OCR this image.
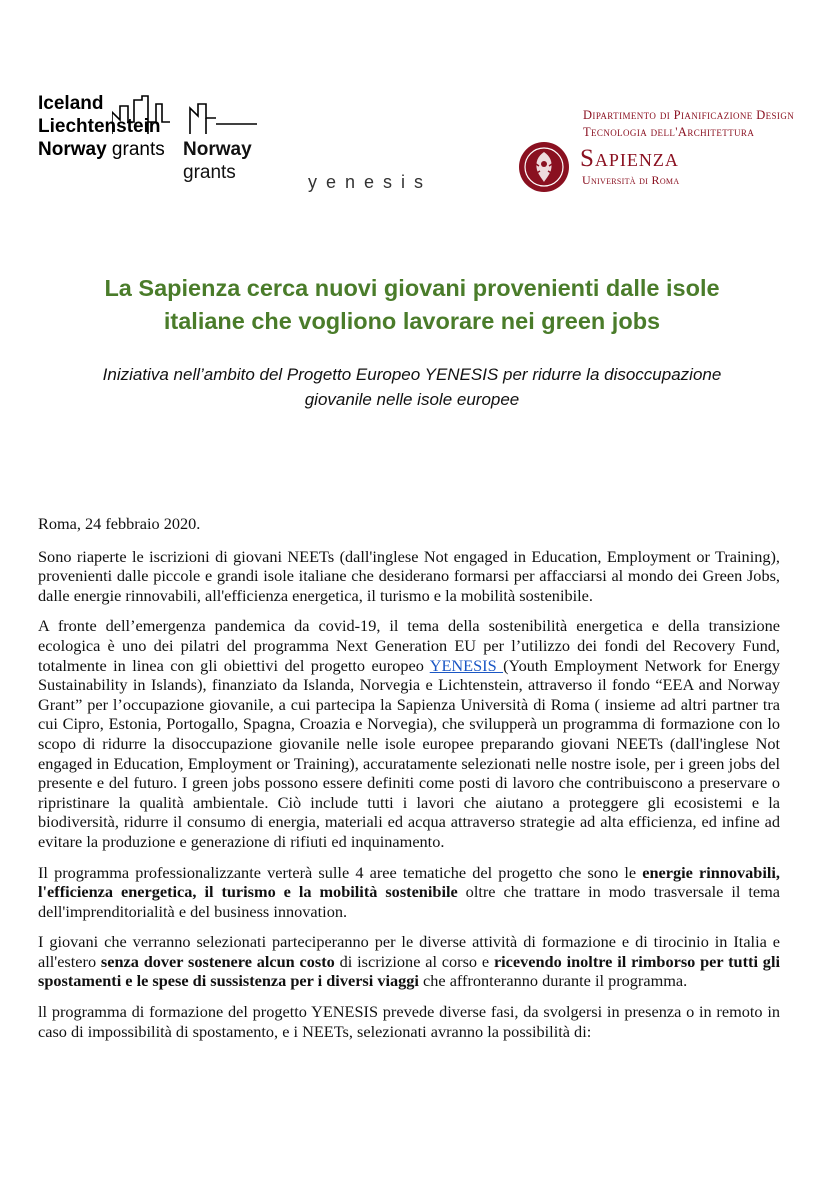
Iceland
Liechtenstein
Norway grants Norway
grants	yenesis
Dipartimento di Pianificazione Design
Tecnologia dell'Architettura
Sapienza
Università di Roma
La Sapienza cerca nuovi giovani provenienti dalle isole
italiane che vogliono lavorare nei green jobs
Iniziativa nell’ambito del Progetto Europeo YENESIS per ridurre la disoccupazione
giovanile nelle isole europee

Roma, 24 febbraio 2020.

Sono riaperte le iscrizioni di giovani NEETs (dall'inglese Not engaged in Education, Employment or Training), provenienti dalle piccole e grandi isole italiane che desiderano formarsi per affacciarsi al mondo dei Green Jobs, dalle energie rinnovabili, all'efficienza energetica, il turismo e la mobilità sostenibile.

A fronte dell’emergenza pandemica da covid-19, il tema della sostenibilità energetica e della transizione ecologica è uno dei pilatri del programma Next Generation EU per l’utilizzo dei fondi del Recovery Fund, totalmente in linea con gli obiettivi del progetto europeo YENESIS (Youth Employment Network for Energy Sustainability in Islands), finanziato da Islanda, Norvegia e Lichtenstein, attraverso il fondo “EEA and Norway Grant” per l’occupazione giovanile, a cui partecipa la Sapienza Università di Roma ( insieme ad altri partner tra cui Cipro, Estonia, Portogallo, Spagna, Croazia e Norvegia), che svilupperà un programma di formazione con lo scopo di ridurre la disoccupazione giovanile nelle isole europee preparando giovani NEETs (dall'inglese Not engaged in Education, Employment or Training), accuratamente selezionati nelle nostre isole, per i green jobs del presente e del futuro. I green jobs possono essere definiti come posti di lavoro che contribuiscono a preservare o ripristinare la qualità ambientale. Ciò include tutti i lavori che aiutano a proteggere gli ecosistemi e la biodiversità, ridurre il consumo di energia, materiali ed acqua attraverso strategie ad alta efficienza, ed infine ad evitare la produzione e generazione di rifiuti ed inquinamento.

Il programma professionalizzante verterà sulle 4 aree tematiche del progetto che sono le energie rinnovabili, l'efficienza energetica, il turismo e la mobilità sostenibile oltre che trattare in modo trasversale il tema dell'imprenditorialità e del business innovation.

I giovani che verranno selezionati parteciperanno per le diverse attività di formazione e di tirocinio in Italia e all'estero senza dover sostenere alcun costo di iscrizione al corso e ricevendo inoltre il rimborso per tutti gli spostamenti e le spese di sussistenza per i diversi viaggi che affronteranno durante il programma.

ll programma di formazione del progetto YENESIS prevede diverse fasi, da svolgersi in presenza o in remoto in caso di impossibilità di spostamento, e i NEETs, selezionati avranno la possibilità di:
